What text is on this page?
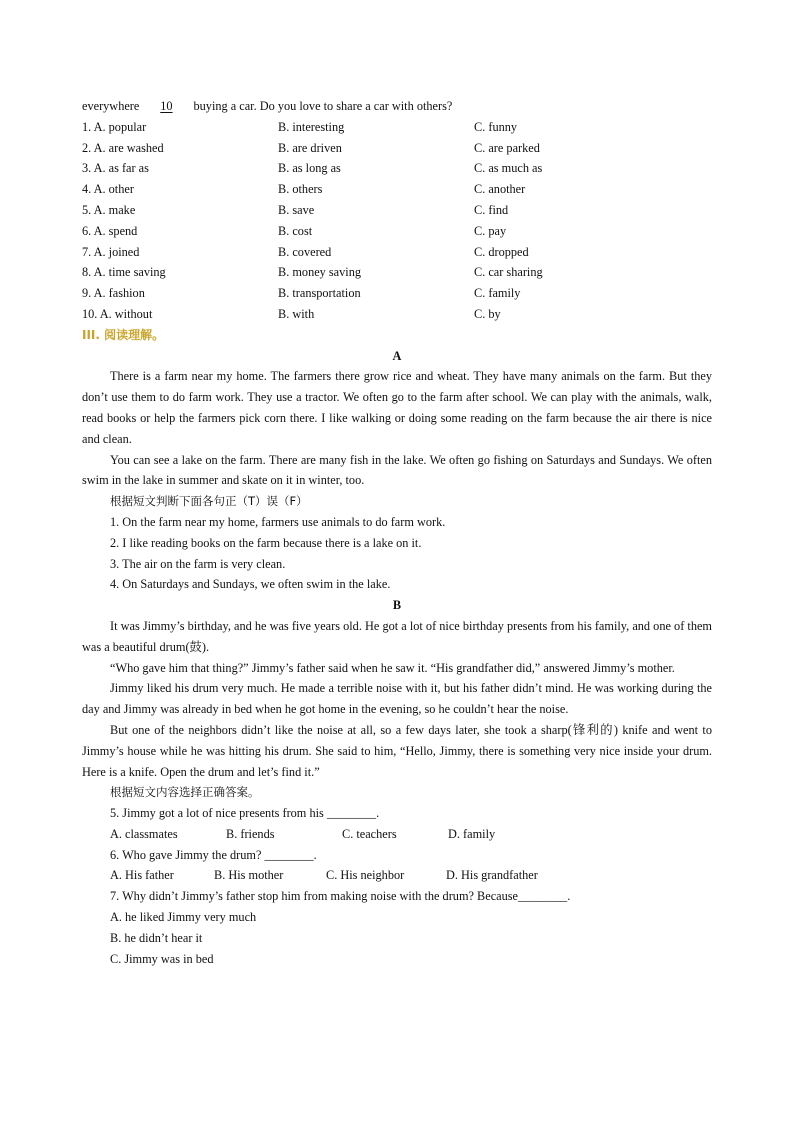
everywhere 10 buying a car. Do you love to share a car with others?
1. A. popular	B. interesting	C. funny
2. A. are washed	B. are driven	C. are parked
3. A. as far as	B. as long as	C. as much as
4. A. other	B. others	C. another
5. A. make	B. save	C. find
6. A. spend	B. cost	C. pay
7. A. joined	B. covered	C. dropped
8. A. time saving	B. money saving	C. car sharing
9. A. fashion	B. transportation	C. family
10. A. without	B. with	C. by
III. 阅读理解。
A
There is a farm near my home. The farmers there grow rice and wheat. They have many animals on the farm. But they don’t use them to do farm work. They use a tractor. We often go to the farm after school. We can play with the animals, walk, read books or help the farmers pick corn there. I like walking or doing some reading on the farm because the air there is nice and clean.
You can see a lake on the farm. There are many fish in the lake. We often go fishing on Saturdays and Sundays. We often swim in the lake in summer and skate on it in winter, too.
根据短文判断下面各句正（T）误（F）
1. On the farm near my home, farmers use animals to do farm work.
2. I like reading books on the farm because there is a lake on it.
3. The air on the farm is very clean.
4. On Saturdays and Sundays, we often swim in the lake.
B
It was Jimmy’s birthday, and he was five years old. He got a lot of nice birthday presents from his family, and one of them was a beautiful drum(鼓).
“Who gave him that thing?” Jimmy’s father said when he saw it. “His grandfather did,” answered Jimmy’s mother.
Jimmy liked his drum very much. He made a terrible noise with it, but his father didn’t mind. He was working during the day and Jimmy was already in bed when he got home in the evening, so he couldn’t hear the noise.
But one of the neighbors didn’t like the noise at all, so a few days later, she took a sharp(锋利的) knife and went to Jimmy’s house while he was hitting his drum. She said to him, “Hello, Jimmy, there is something very nice inside your drum. Here is a knife. Open the drum and let’s find it.”
根据短文内容选择正确答案。
5. Jimmy got a lot of nice presents from his ________.
A. classmates	B. friends	C. teachers	D. family
6. Who gave Jimmy the drum? ________.
A. His father	B. His mother	C. His neighbor	D. His grandfather
7. Why didn’t Jimmy’s father stop him from making noise with the drum? Because________.
A. he liked Jimmy very much
B. he didn’t hear it
C. Jimmy was in bed
